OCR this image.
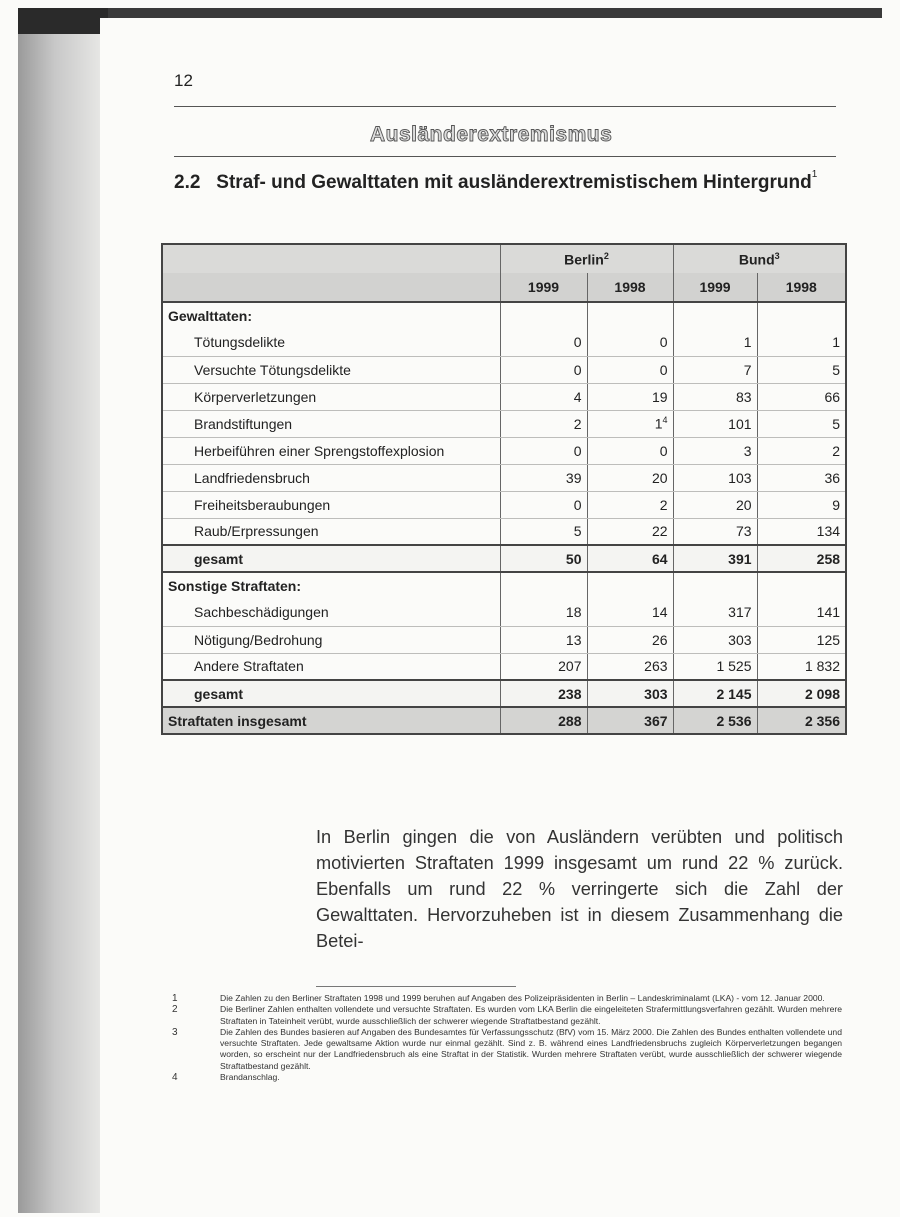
12
Ausländerextremismus
2.2 Straf- und Gewalttaten mit ausländerextremistischem Hintergrund$^1$
	Berlin$^2$		Bund$^3$
	1999	1998	1999	1998
Gewalttaten:				
Tötungsdelikte	0	0	1	1
Versuchte Tötungsdelikte	0	0	7	5
Körperverletzungen	4	19	83	66
Brandstiftungen	2	$1^4$	101	5
Herbeiführen einer Sprengstoffexplosion	0	0	3	2
Landfriedensbruch	39	20	103	36
Freiheitsberaubungen	0	2	20	9
Raub/Erpressungen	5	22	73	134
gesamt	50	64	391	258
Sonstige Straftaten:				
Sachbeschädigungen	18	14	317	141
Nötigung/Bedrohung	13	26	303	125
Andere Straftaten	207	263	1 525	1 832
gesamt	238	303	2 145	2 098
Straftaten insgesamt	288	367	2 536	2 356
In Berlin gingen die von Ausländern verübten und politisch motivierten Straftaten 1999 insgesamt um rund 22 % zurück. Ebenfalls um rund 22 % verringerte sich die Zahl der Gewalttaten. Hervorzuheben ist in diesem Zusammenhang die Betei-
1	Die Zahlen zu den Berliner Straftaten 1998 und 1999 beruhen auf Angaben des Polizeipräsidenten in Berlin – Landeskriminalamt (LKA) - vom 12. Januar 2000.
2	Die Berliner Zahlen enthalten vollendete und versuchte Straftaten. Es wurden vom LKA Berlin die eingeleiteten Strafermittlungsverfahren gezählt. Wurden mehrere Straftaten in Tateinheit verübt, wurde ausschließlich der schwerer wiegende Straftatbestand gezählt.
3	Die Zahlen des Bundes basieren auf Angaben des Bundesamtes für Verfassungsschutz (BfV) vom 15. März 2000. Die Zahlen des Bundes enthalten vollendete und versuchte Straftaten. Jede gewaltsame Aktion wurde nur einmal gezählt. Sind z. B. während eines Landfriedensbruchs zugleich Körperverletzungen begangen worden, so erscheint nur der Landfriedensbruch als eine Straftat in der Statistik. Wurden mehrere Straftaten verübt, wurde ausschließlich der schwerer wiegende Straftatbestand gezählt.
4	Brandanschlag.
